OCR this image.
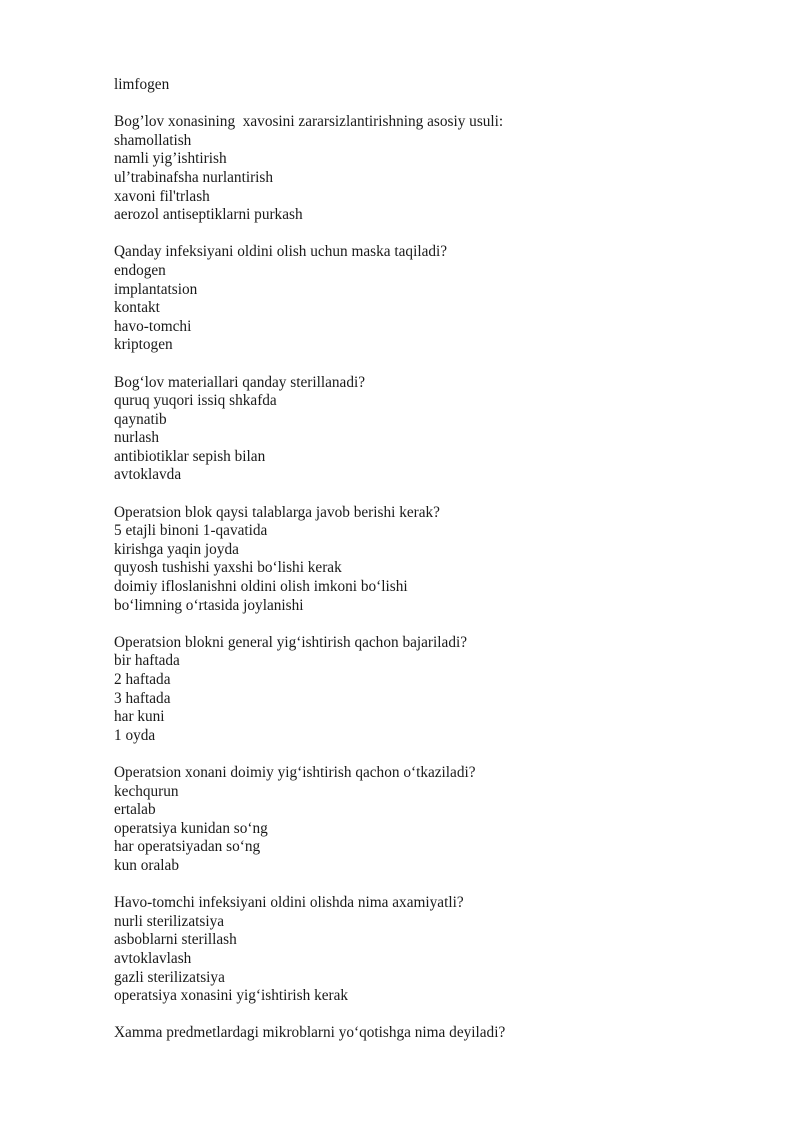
limfogen
Bog’lov xonasining  xavosini zararsizlantirishning asosiy usuli:
shamollatish
namli yig’ishtirish
ul’trabinafsha nurlantirish
xavoni fil'trlash
aerozol antiseptiklarni purkash
Qanday infeksiyani oldini olish uchun maska taqiladi?
endogen
implantatsion
kontakt
havo-tomchi
kriptogen
Bog‘lov materiallari qanday sterillanadi?
quruq yuqori issiq shkafda
qaynatib
nurlash
antibiotiklar sepish bilan
avtoklavda
Operatsion blok qaysi talablarga javob berishi kerak?
5 etajli binoni 1-qavatida
kirishga yaqin joyda
quyosh tushishi yaxshi bo‘lishi kerak
doimiy ifloslanishni oldini olish imkoni bo‘lishi
bo‘limning o‘rtasida joylanishi
Operatsion blokni general yig‘ishtirish qachon bajariladi?
bir haftada
2 haftada
3 haftada
har kuni
1 oyda
Operatsion xonani doimiy yig‘ishtirish qachon o‘tkaziladi?
kechqurun
ertalab
operatsiya kunidan so‘ng
har operatsiyadan so‘ng
kun oralab
Havo-tomchi infeksiyani oldini olishda nima axamiyatli?
nurli sterilizatsiya
asboblarni sterillash
avtoklavlash
gazli sterilizatsiya
operatsiya xonasini yig‘ishtirish kerak
Xamma predmetlardagi mikroblarni yo‘qotishga nima deyiladi?
